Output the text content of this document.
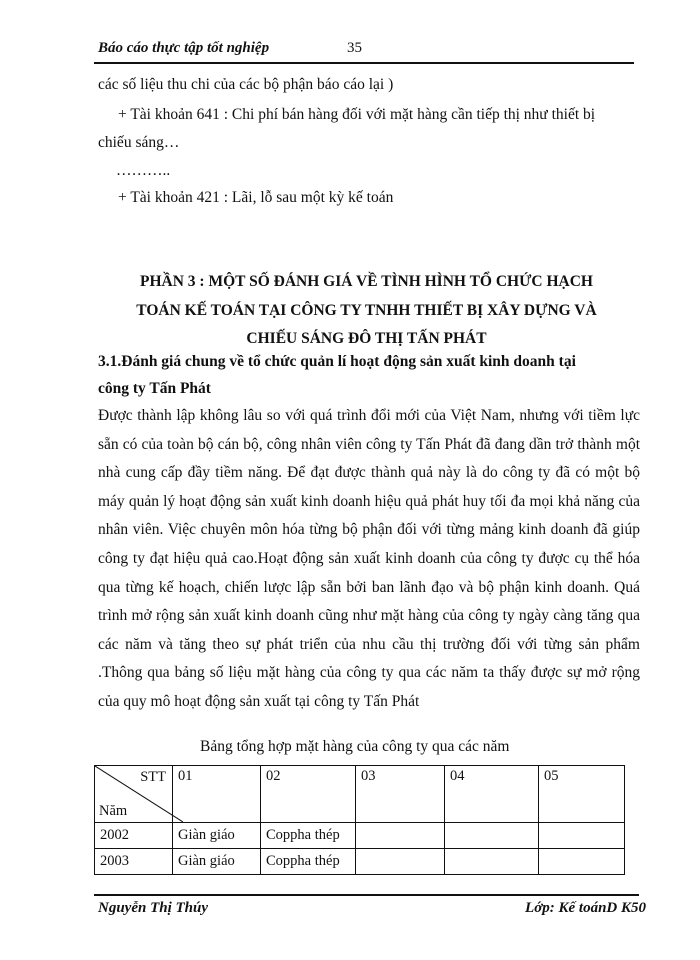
Báo cáo thực tập tốt nghiệp	35
các số liệu thu chi của các bộ phận báo cáo lại )
+ Tài khoản 641 : Chi phí bán hàng đối với mặt hàng cần tiếp thị như thiết bị
chiếu sáng…
………..
+ Tài khoản 421 : Lãi, lỗ sau một kỳ kế toán
PHẦN 3 : MỘT SỐ ĐÁNH GIÁ VỀ TÌNH HÌNH TỔ CHỨC HẠCH
TOÁN KẾ TOÁN TẠI CÔNG TY TNHH THIẾT BỊ XÂY DỰNG VÀ
CHIẾU SÁNG ĐÔ THỊ TẤN PHÁT
3.1.Đánh giá chung về tổ chức quản lí hoạt động sản xuất kinh doanh tại
công ty Tấn Phát
Được thành lập không lâu so với quá trình đổi mới của Việt Nam, nhưng với tiềm lực sẵn có của toàn bộ cán bộ, công nhân viên công ty Tấn Phát đã đang dần trở thành một nhà cung cấp đầy tiềm năng. Để đạt được thành quả này là do công ty đã có một bộ máy quản lý hoạt động sản xuất kinh doanh hiệu quả phát huy tối đa mọi khả năng của nhân viên. Việc chuyên môn hóa từng bộ phận đối với từng mảng kinh doanh đã giúp công ty đạt hiệu quả cao.Hoạt động sản xuất kinh doanh của công ty được cụ thể hóa qua từng kế hoạch, chiến lược lập sẵn bởi ban lãnh đạo và bộ phận kinh doanh. Quá trình mở rộng sản xuất kinh doanh cũng như mặt hàng của công ty ngày càng tăng qua các năm và tăng theo sự phát triển của nhu cầu thị trường đối với từng sản phẩm .Thông qua bảng số liệu mặt hàng của công ty qua các năm ta thấy được sự mở rộng của quy mô hoạt động sản xuất tại công ty Tấn Phát
Bảng tổng hợp mặt hàng của công ty qua các năm
STT
Năm	01	02	03	04	05
2002	Giàn giáo	Coppha thép			
2003	Giàn giáo	Coppha thép			
Nguyễn Thị Thúy	Lớp: Kế toánD K50
